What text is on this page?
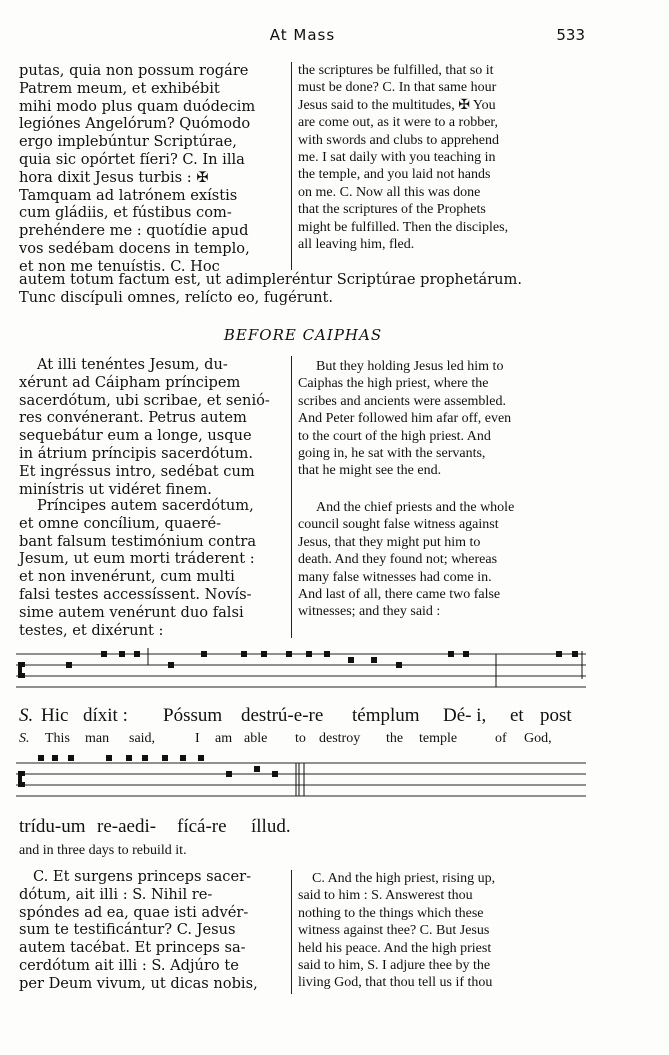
At Mass	533
putas, quia non possum rogáre
Patrem meum, et exhibébit
mihi modo plus quam duódecim
legiónes Angelórum? Quómodo
ergo implebúntur Scriptúrae,
quia sic opórtet fíeri? C. In illa
hora dixit Jesus turbis : ✠
Tamquam ad latrónem exístis
cum gládiis, et fústibus com-
prehéndere me : quotídie apud
vos sedébam docens in templo,
et non me tenuístis. C. Hoc
the scriptures be fulfilled, that so it
must be done? C. In that same hour
Jesus said to the multitudes, ✠ You
are come out, as it were to a robber,
with swords and clubs to apprehend
me. I sat daily with you teaching in
the temple, and you laid not hands
on me. C. Now all this was done
that the scriptures of the Prophets
might be fulfilled. Then the disciples,
all leaving him, fled.
autem totum factum est, ut adimpleréntur Scriptúrae prophetárum.
Tunc discípuli omnes, relícto eo, fugérunt.
BEFORE CAIPHAS
At illi tenéntes Jesum, du-
xérunt ad Cáipham príncipem
sacerdótum, ubi scribae, et senió-
res convénerant. Petrus autem
sequebátur eum a longe, usque
in átrium príncipis sacerdótum.
Et ingréssus intro, sedébat cum
minístris ut vidéret finem.
Príncipes autem sacerdótum,
et omne concílium, quaeré-
bant falsum testimónium contra
Jesum, ut eum morti tráderent :
et non invenérunt, cum multi
falsi testes accessíssent. Novís-
sime autem venérunt duo falsi
testes, et dixérunt :
But they holding Jesus led him to
Caiphas the high priest, where the
scribes and ancients were assembled.
And Peter followed him afar off, even
to the court of the high priest. And
going in, he sat with the servants,
that he might see the end.
And the chief priests and the whole
council sought false witness against
Jesus, that they might put him to
death. And they found not; whereas
many false witnesses had come in.
And last of all, there came two false
witnesses; and they said :
S. Hic díxit : Póssum destrú-e-re témplum Dé- i, et post
S. This man said,	I am able to destroy the temple	of God,
trídu-um re-aedi- fícá-re íllud.
and in three days to rebuild it.
C. Et surgens princeps sacer-
dótum, ait illi : S. Nihil re-
spóndes ad ea, quae isti advér-
sum te testificántur? C. Jesus
autem tacébat. Et princeps sa-
cerdótum ait illi : S. Adjúro te
per Deum vivum, ut dicas nobis,
C. And the high priest, rising up,
said to him : S. Answerest thou
nothing to the things which these
witness against thee? C. But Jesus
held his peace. And the high priest
said to him, S. I adjure thee by the
living God, that thou tell us if thou
